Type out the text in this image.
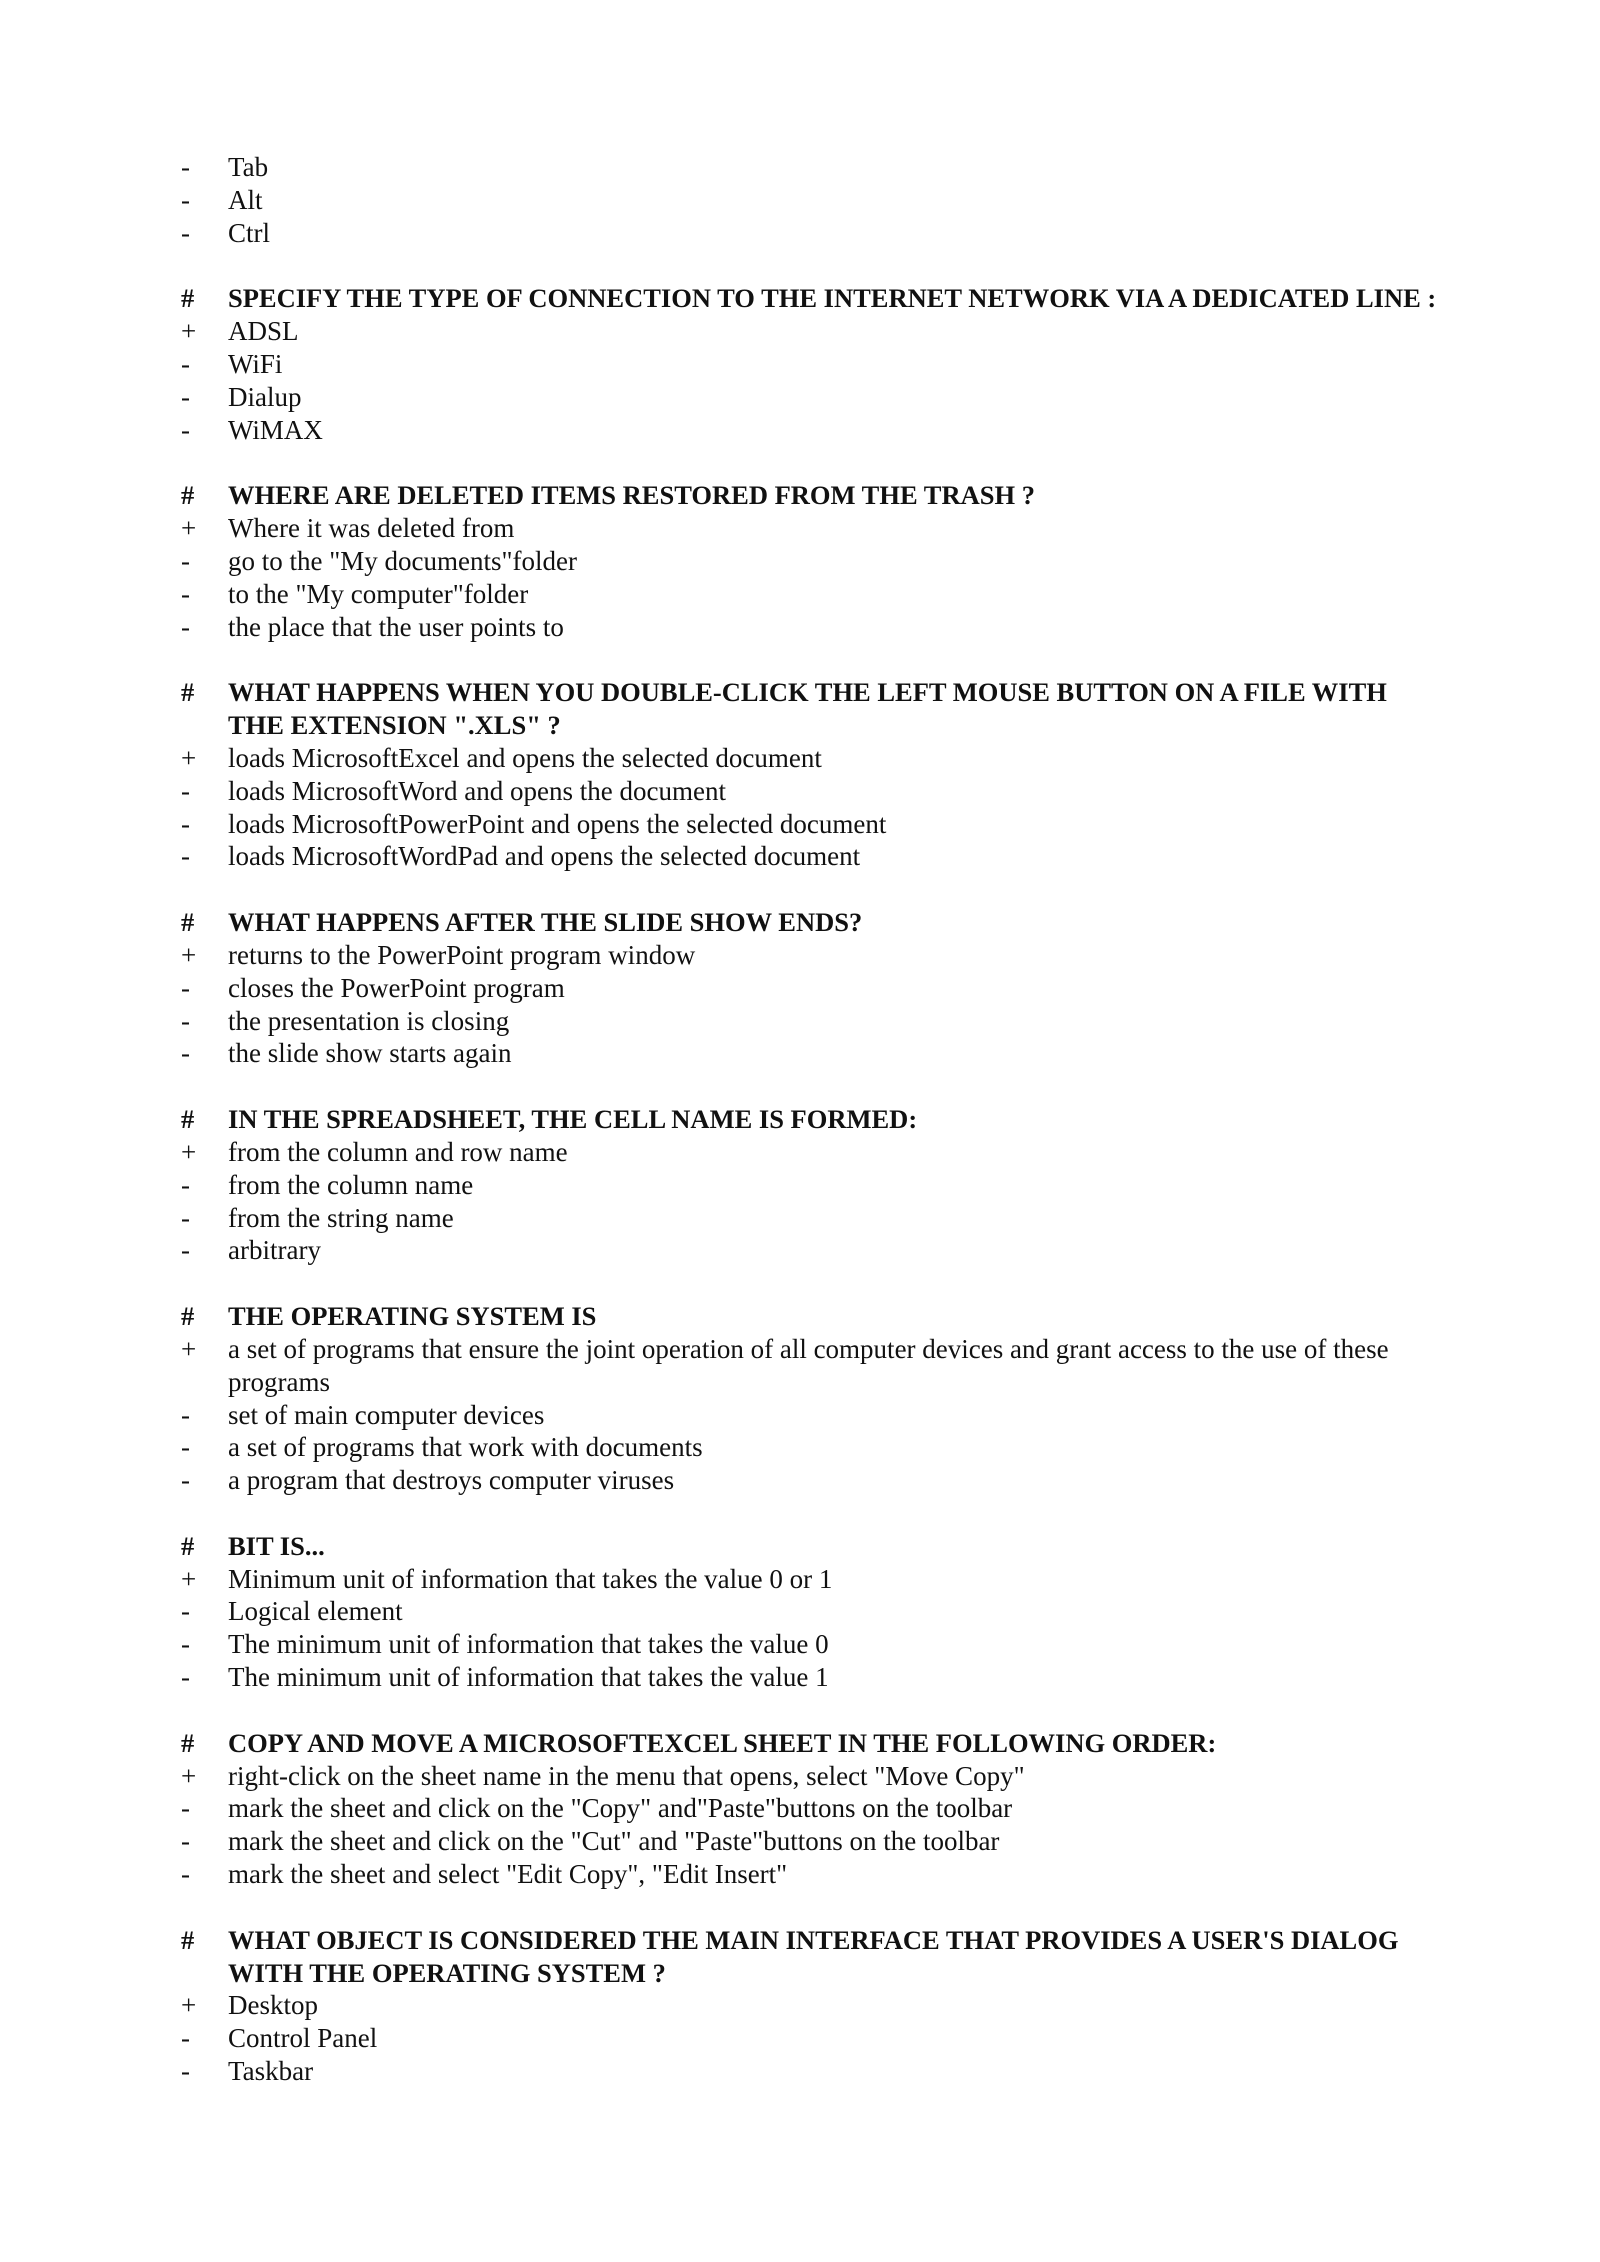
-	Tab
-	Alt
-	Ctrl
#	SPECIFY THE TYPE OF CONNECTION TO THE INTERNET NETWORK VIA A DEDICATED LINE :
+	ADSL
-	WiFi
-	Dialup
-	WiMAX
#	WHERE ARE DELETED ITEMS RESTORED FROM THE TRASH ?
+	Where it was deleted from
-	go to the "My documents"folder
-	to the "My computer"folder
-	the place that the user points to
#	WHAT HAPPENS WHEN YOU DOUBLE-CLICK THE LEFT MOUSE BUTTON ON A FILE WITH THE EXTENSION ".XLS" ?
+	loads MicrosoftExcel and opens the selected document
-	loads MicrosoftWord and opens the document
-	loads MicrosoftPowerPoint and opens the selected document
-	loads MicrosoftWordPad and opens the selected document
#	WHAT HAPPENS AFTER THE SLIDE SHOW ENDS?
+	returns to the PowerPoint program window
-	closes the PowerPoint program
-	the presentation is closing
-	the slide show starts again
#	IN THE SPREADSHEET, THE CELL NAME IS FORMED:
+	from the column and row name
-	from the column name
-	from the string name
-	arbitrary
#	THE OPERATING SYSTEM IS
+	a set of programs that ensure the joint operation of all computer devices and grant access to the use of these programs
-	set of main computer devices
-	a set of programs that work with documents
-	a program that destroys computer viruses
#	BIT IS...
+	Minimum unit of information that takes the value 0 or 1
-	Logical element
-	The minimum unit of information that takes the value 0
-	The minimum unit of information that takes the value 1
#	COPY AND MOVE A MICROSOFTEXCEL SHEET IN THE FOLLOWING ORDER:
+	right-click on the sheet name in the menu that opens, select "Move Copy"
-	mark the sheet and click on the "Copy" and"Paste"buttons on the toolbar
-	mark the sheet and click on the "Cut" and "Paste"buttons on the toolbar
-	mark the sheet and select "Edit Copy", "Edit Insert"
#	WHAT OBJECT IS CONSIDERED THE MAIN INTERFACE THAT PROVIDES A USER'S DIALOG WITH THE OPERATING SYSTEM ?
+	Desktop
-	Control Panel
-	Taskbar
